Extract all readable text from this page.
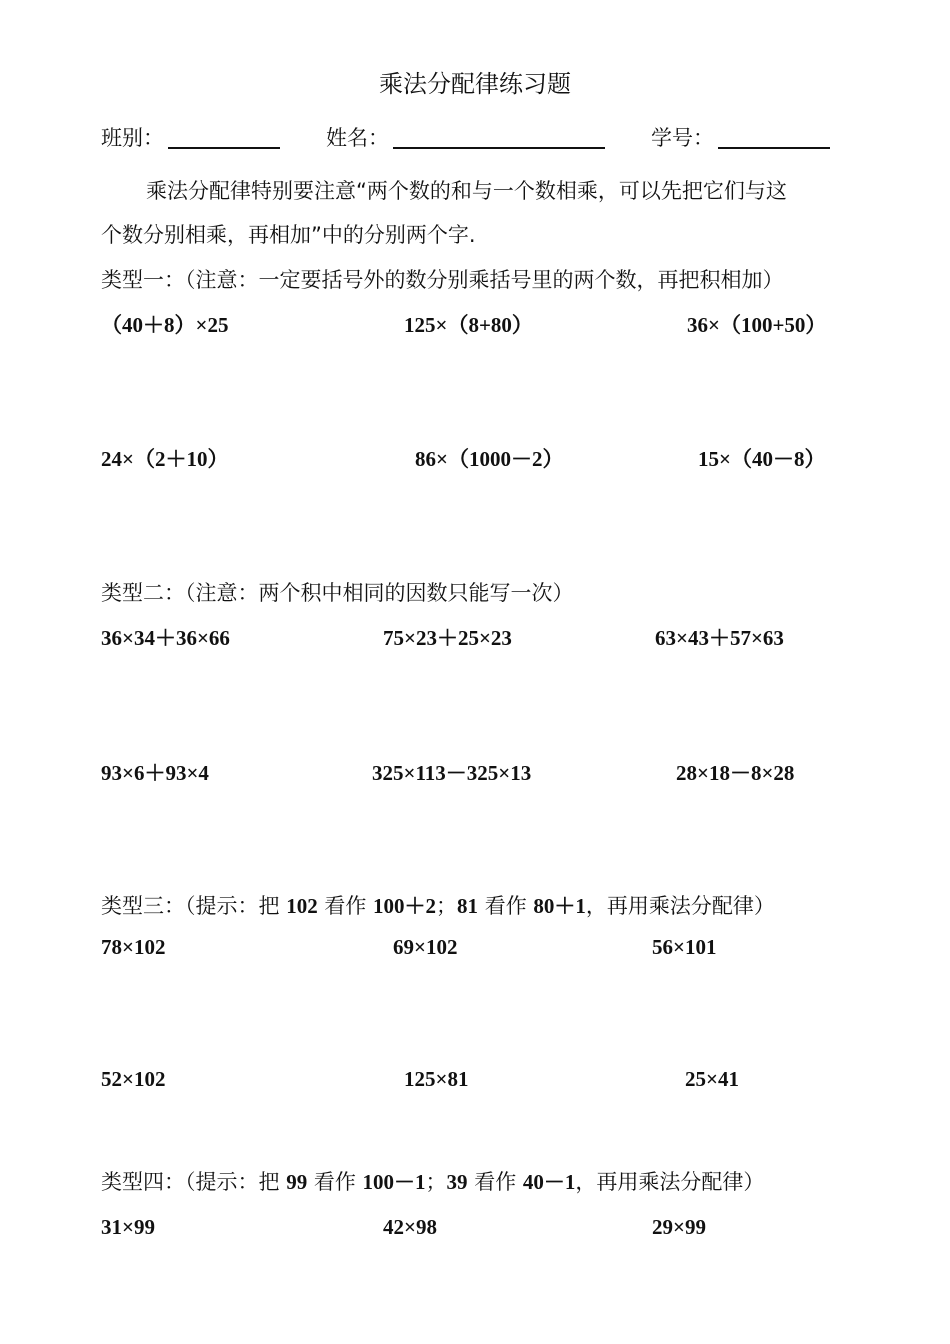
乘法分配律练习题
班别：	姓名：	学号：
乘法分配律特别要注意“两个数的和与一个数相乘，可以先把它们与这
个数分别相乘，再相加”中的分别两个字.
类型一：（注意：一定要括号外的数分别乘括号里的两个数，再把积相加）
（40＋8）×25	125×（8+80）	36×（100+50）
24×（2＋10）	86×（1000－2）	15×（40－8）
类型二：（注意：两个积中相同的因数只能写一次）
36×34＋36×66	75×23＋25×23	63×43＋57×63
93×6＋93×4	325×113－325×13	28×18－8×28
类型三：（提示：把 102 看作 100＋2；81 看作 80＋1，再用乘法分配律）
78×102	69×102	56×101
52×102	125×81	25×41
类型四：（提示：把 99 看作 100－1；39 看作 40－1，再用乘法分配律）
31×99	42×98	29×99
